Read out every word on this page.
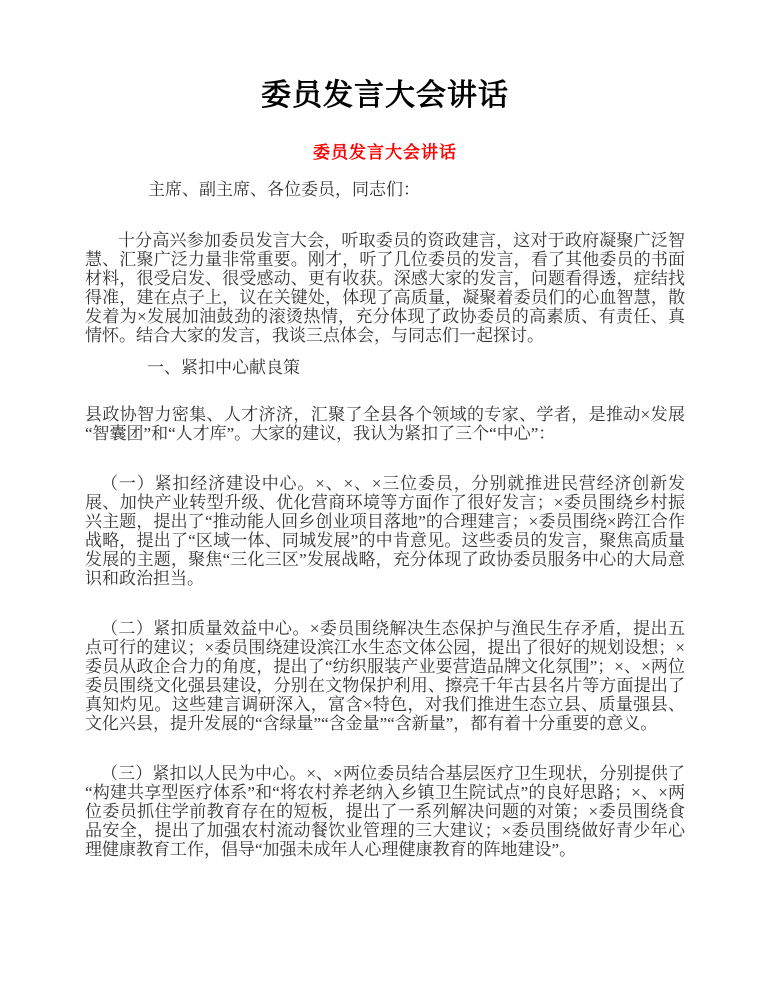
委员发言大会讲话
委员发言大会讲话

主席、副主席、各位委员，同志们：

十分高兴参加委员发言大会，听取委员的资政建言，这对于政府凝聚广泛智慧、汇聚广泛力量非常重要。刚才，听了几位委员的发言，看了其他委员的书面材料，很受启发、很受感动、更有收获。深感大家的发言，问题看得透，症结找得准，建在点子上，议在关键处，体现了高质量，凝聚着委员们的心血智慧，散发着为×发展加油鼓劲的滚烫热情，充分体现了政协委员的高素质、有责任、真情怀。结合大家的发言，我谈三点体会，与同志们一起探讨。

一、紧扣中心献良策

县政协智力密集、人才济济，汇聚了全县各个领域的专家、学者，是推动×发展“智囊团”和“人才库”。大家的建议，我认为紧扣了三个“中心”：

（一）紧扣经济建设中心。×、×、×三位委员，分别就推进民营经济创新发展、加快产业转型升级、优化营商环境等方面作了很好发言；×委员围绕乡村振兴主题，提出了“推动能人回乡创业项目落地”的合理建言；×委员围绕×跨江合作战略，提出了“区域一体、同城发展”的中肯意见。这些委员的发言，聚焦高质量发展的主题，聚焦“三化三区”发展战略，充分体现了政协委员服务中心的大局意识和政治担当。

（二）紧扣质量效益中心。×委员围绕解决生态保护与渔民生存矛盾，提出五点可行的建议；×委员围绕建设滨江水生态文体公园，提出了很好的规划设想；×委员从政企合力的角度，提出了“纺织服装产业要营造品牌文化氛围”；×、×两位委员围绕文化强县建设，分别在文物保护利用、擦亮千年古县名片等方面提出了真知灼见。这些建言调研深入，富含×特色，对我们推进生态立县、质量强县、文化兴县，提升发展的“含绿量”“含金量”“含新量”，都有着十分重要的意义。

（三）紧扣以人民为中心。×、×两位委员结合基层医疗卫生现状，分别提供了“构建共享型医疗体系”和“将农村养老纳入乡镇卫生院试点”的良好思路；×、×两位委员抓住学前教育存在的短板，提出了一系列解决问题的对策；×委员围绕食品安全，提出了加强农村流动餐饮业管理的三大建议；×委员围绕做好青少年心理健康教育工作，倡导“加强未成年人心理健康教育的阵地建设”。
